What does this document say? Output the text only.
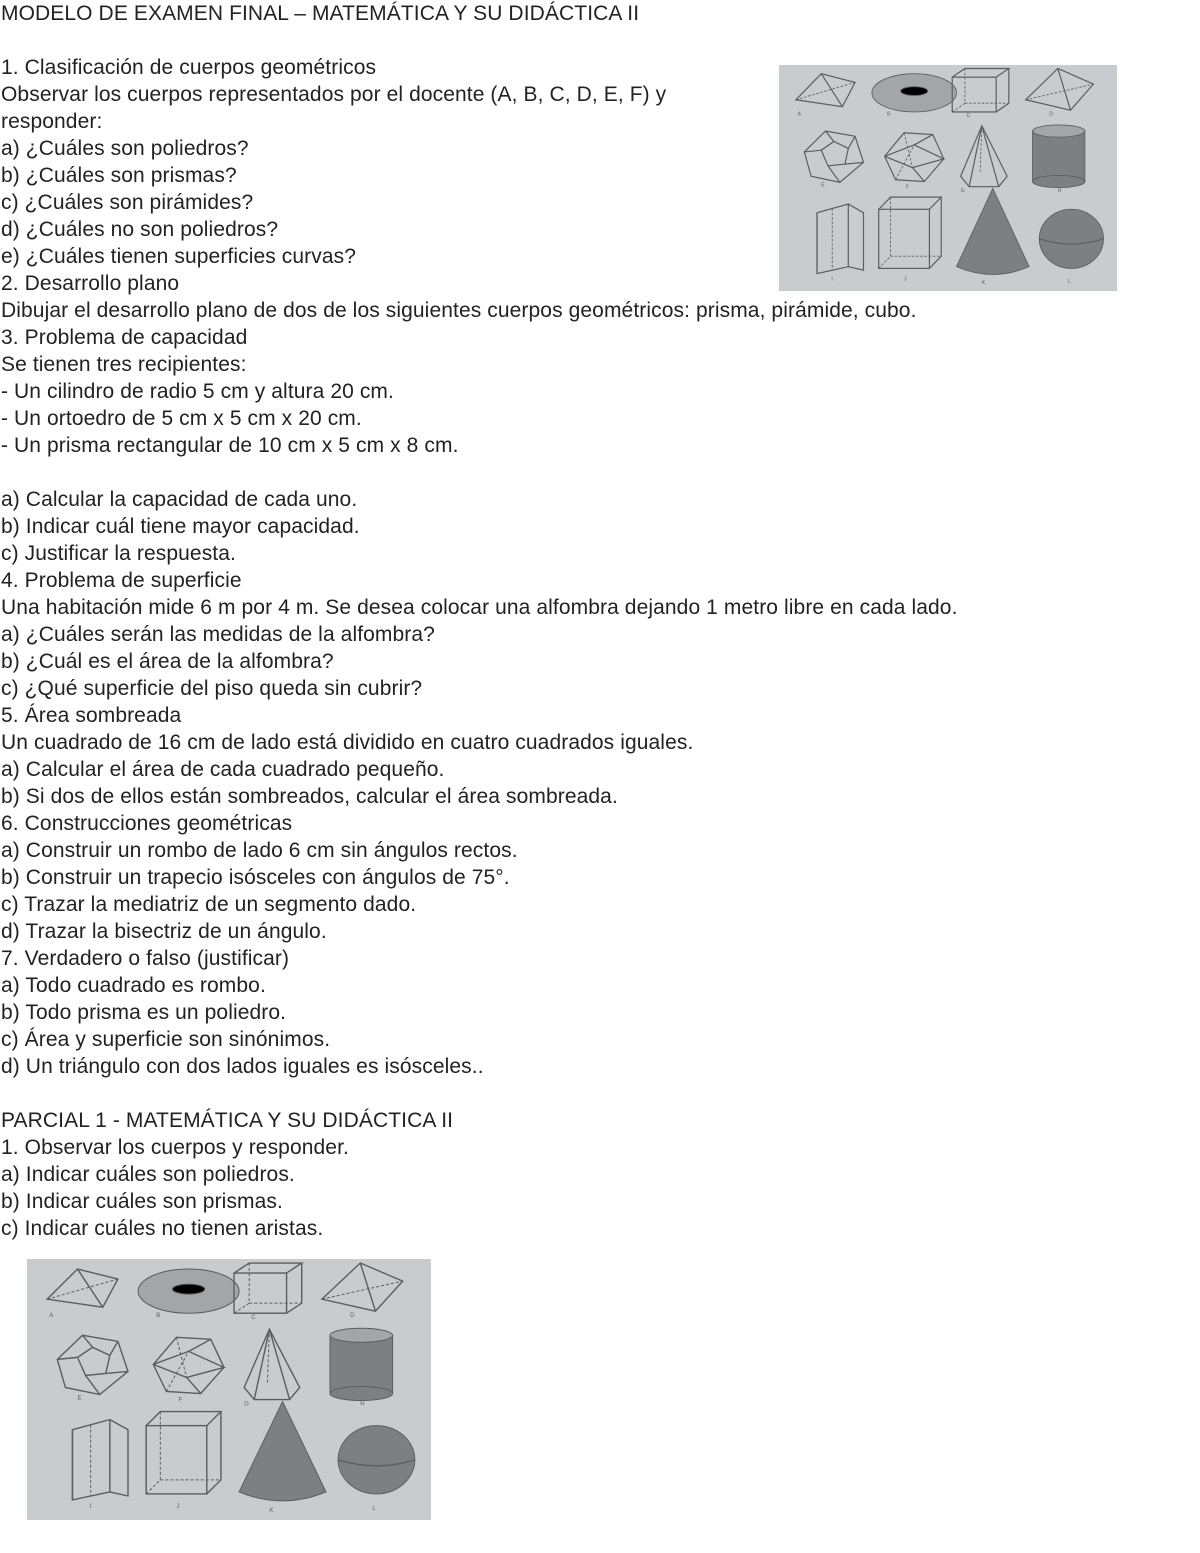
MODELO DE EXAMEN FINAL – MATEMÁTICA Y SU DIDÁCTICA II
1. Clasificación de cuerpos geométricos
Observar los cuerpos representados por el docente (A, B, C, D, E, F) y responder:
a) ¿Cuáles son poliedros?
b) ¿Cuáles son prismas?
c) ¿Cuáles son pirámides?
d) ¿Cuáles no son poliedros?
e) ¿Cuáles tienen superficies curvas?
2. Desarrollo plano
Dibujar el desarrollo plano de dos de los siguientes cuerpos geométricos: prisma, pirámide, cubo.
3. Problema de capacidad
Se tienen tres recipientes:
- Un cilindro de radio 5 cm y altura 20 cm.
- Un ortoedro de 5 cm x 5 cm x 20 cm.
- Un prisma rectangular de 10 cm x 5 cm x 8 cm.
a) Calcular la capacidad de cada uno.
b) Indicar cuál tiene mayor capacidad.
c) Justificar la respuesta.
4. Problema de superficie
Una habitación mide 6 m por 4 m. Se desea colocar una alfombra dejando 1 metro libre en cada lado.
a) ¿Cuáles serán las medidas de la alfombra?
b) ¿Cuál es el área de la alfombra?
c) ¿Qué superficie del piso queda sin cubrir?
5. Área sombreada
Un cuadrado de 16 cm de lado está dividido en cuatro cuadrados iguales.
a) Calcular el área de cada cuadrado pequeño.
b) Si dos de ellos están sombreados, calcular el área sombreada.
6. Construcciones geométricas
a) Construir un rombo de lado 6 cm sin ángulos rectos.
b) Construir un trapecio isósceles con ángulos de 75°.
c) Trazar la mediatriz de un segmento dado.
d) Trazar la bisectriz de un ángulo.
7. Verdadero o falso (justificar)
a) Todo cuadrado es rombo.
b) Todo prisma es un poliedro.
c) Área y superficie son sinónimos.
d) Un triángulo con dos lados iguales es isósceles..
PARCIAL 1 - MATEMÁTICA Y SU DIDÁCTICA II
1. Observar los cuerpos y responder.
a) Indicar cuáles son poliedros.
b) Indicar cuáles son prismas.
c) Indicar cuáles no tienen aristas.
A	B	C	D
E	F
G	H
I	J
K	L
A	B	C	D
E	F
G	H
I	J
K	L
